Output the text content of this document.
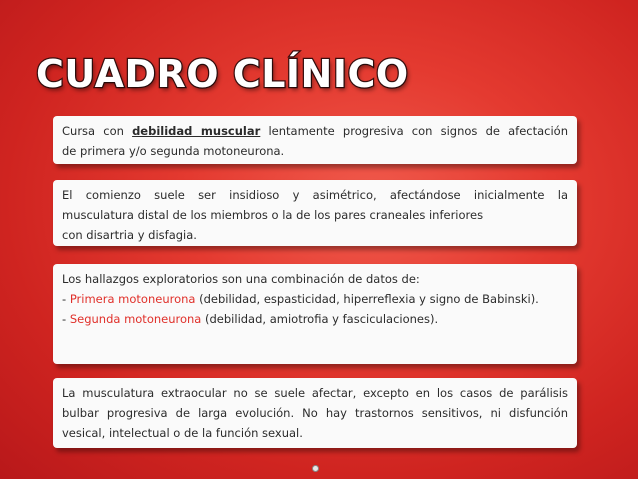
CUADRO CLÍNICO

Cursa con debilidad muscular lentamente progresiva con signos de afectación

de primera y/o segunda motoneurona.

El comienzo suele ser insidioso y asimétrico, afectándose inicialmente la

musculatura distal de los miembros o la de los pares craneales inferiores

con disartria y disfagia.

Los hallazgos exploratorios son una combinación de datos de:

- Primera motoneurona (debilidad, espasticidad, hiperreflexia y signo de Babinski).

- Segunda motoneurona (debilidad, amiotrofia y fasciculaciones).

La musculatura extraocular no se suele afectar, excepto en los casos de parálisis bulbar progresiva de larga evolución. No hay trastornos sensitivos, ni disfunción vesical, intelectual o de la función sexual.
